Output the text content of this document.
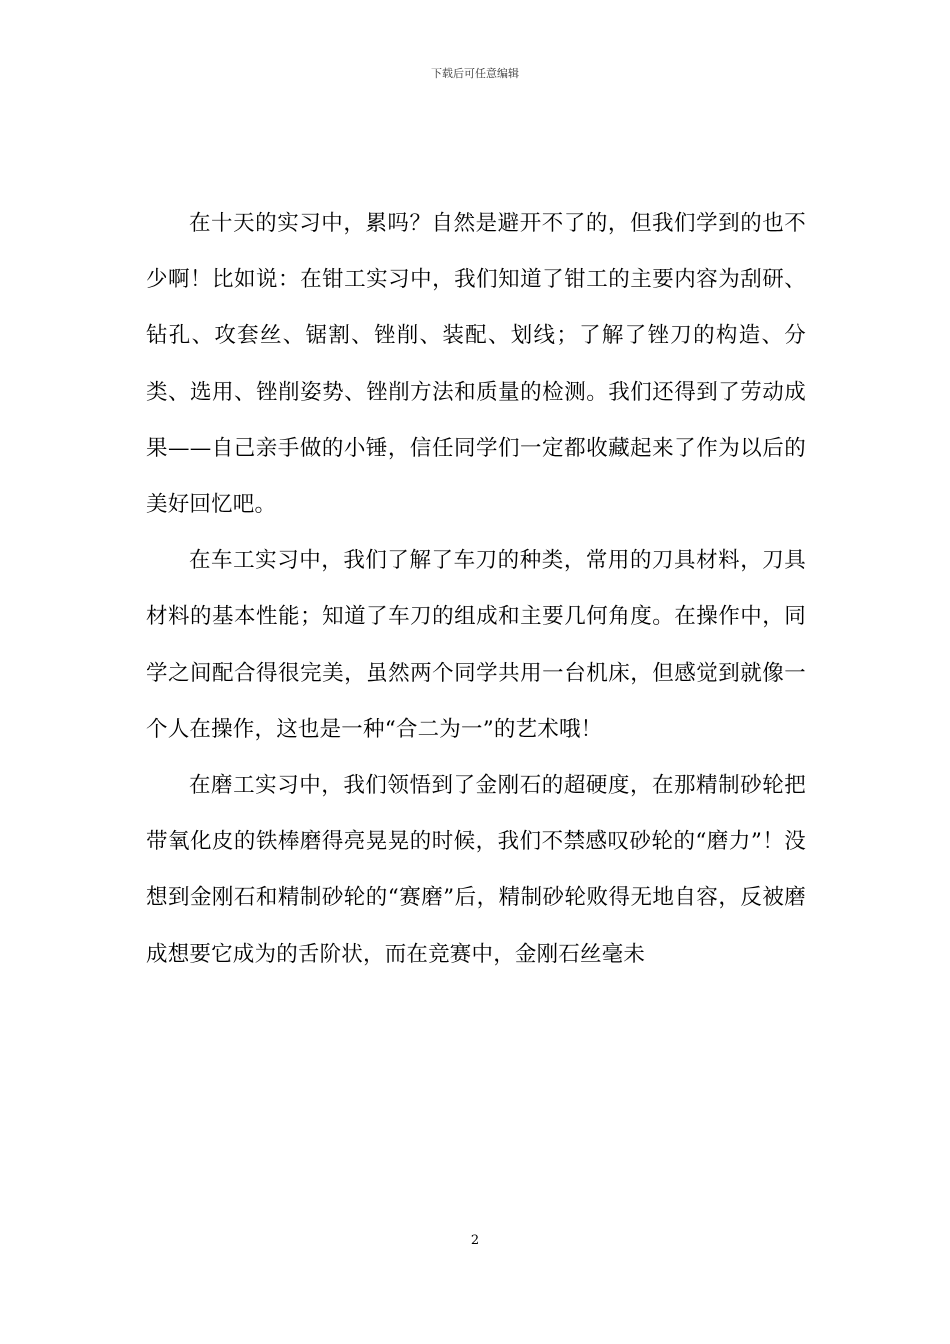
下载后可任意编辑

在十天的实习中，累吗？自然是避开不了的，但我们学到的也不少啊！比如说：在钳工实习中，我们知道了钳工的主要内容为刮研、钻孔、攻套丝、锯割、锉削、装配、划线；了解了锉刀的构造、分类、选用、锉削姿势、锉削方法和质量的检测。我们还得到了劳动成果——自己亲手做的小锤，信任同学们一定都收藏起来了作为以后的美好回忆吧。

在车工实习中，我们了解了车刀的种类，常用的刀具材料，刀具材料的基本性能；知道了车刀的组成和主要几何角度。在操作中，同学之间配合得很完美，虽然两个同学共用一台机床，但感觉到就像一个人在操作，这也是一种“合二为一”的艺术哦！

在磨工实习中，我们领悟到了金刚石的超硬度，在那精制砂轮把带氧化皮的铁棒磨得亮晃晃的时候，我们不禁感叹砂轮的“磨力”！没想到金刚石和精制砂轮的“赛磨”后，精制砂轮败得无地自容，反被磨成想要它成为的舌阶状，而在竞赛中，金刚石丝毫未

2
